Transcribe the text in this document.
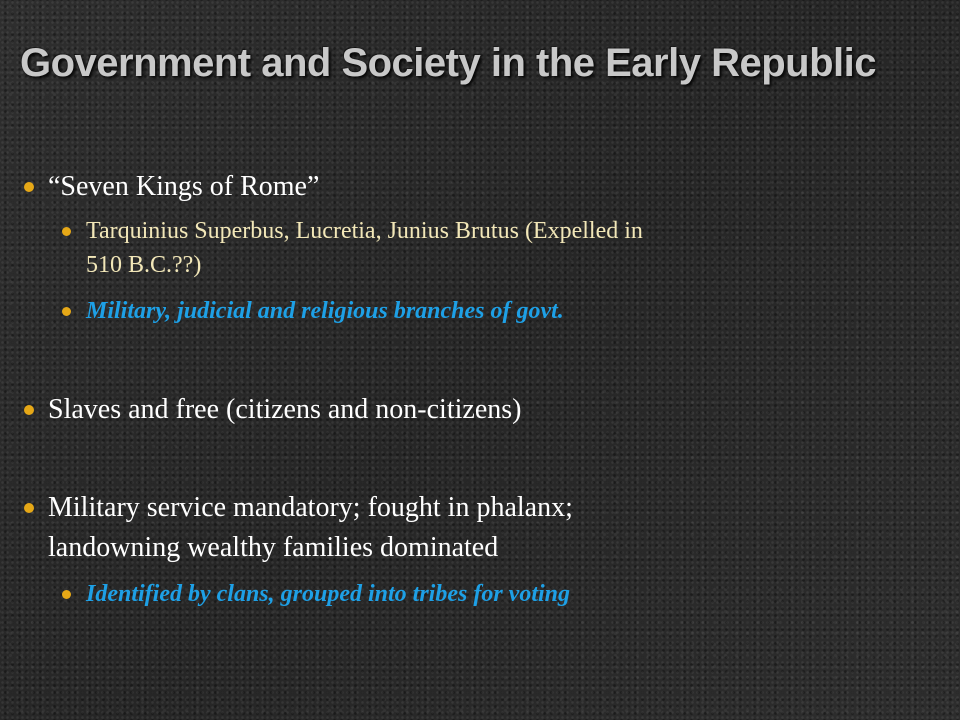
Government and Society in the Early Republic
“Seven Kings of Rome”
Tarquinius Superbus, Lucretia, Junius Brutus (Expelled in
510 B.C.??)
Military, judicial and religious branches of govt.
Slaves and free (citizens and non-citizens)
Military service mandatory; fought in phalanx;
landowning wealthy families dominated
Identified by clans, grouped into tribes for voting
